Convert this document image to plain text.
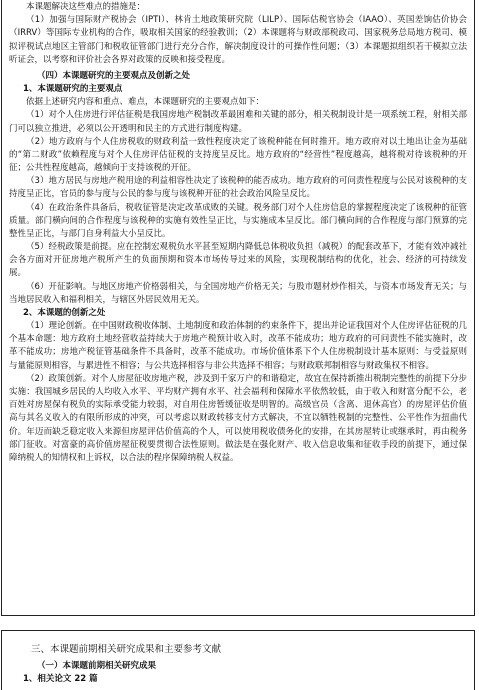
本课题解决这些难点的措施是：

（1）加强与国际财产税协会（IPTI）、林肯土地政策研究院（LILP）、国际估税官协会（IAAO）、英国差饷估价协会（IRRV）等国际专业机构的合作，吸取相关国家的经验教训；（2）本课题将与财政部税政司、国家税务总局地方税司、模拟评税试点地区主管部门和税收征管部门进行充分合作，解决制度设计的可操作性问题；（3）本课题拟组织若干模拟立法听证会，以考察和评价社会各界对政策的反映和接受程度。

（四）本课题研究的主要观点及创新之处

1、本课题研究的主要观点

依据上述研究内容和重点、难点，本课题研究的主要观点如下：

（1）对个人住房进行评估征税是我国房地产税制改革最困难和关键的部分，相关税制设计是一项系统工程，射相关部门可以独立推进，必须以公开透明和民主的方式进行制度构建。

（2）地方政府与个人住房税收的财政利益一致性程度决定了该税种能在何时推开。地方政府对以土地出让金为基础的“第二财政”依赖程度与对个人住房评估征税的支持度呈反比。地方政府的“经营性”程度越高，越将税对待该税种的开征；公共性程度越高，越倾向于支持该税的开征。

（3）地方居民与房地产税用途的利益相容性决定了该税种的能否成功。地方政府的可问责性程度与公民对该税种的支持度呈正比，官员的参与度与公民的参与度与该税种开征的社会政治风险呈反比。

（4）在政治条件具备后，税收征管是决定改革成败的关键。税务部门对个人住房信息的掌握程度决定了该税种的征管质量。部门横向间的合作程度与该税种的实施有效性呈正比，与实施成本呈反比。部门横向间的合作程度与部门预算的完整性呈正比，与部门自身利益大小呈反比。

（5）经税政策是前提。应在控制宏观税负水平甚至短期内降低总体税收负担（减税）的配套改革下，才能有效冲减社会各方面对开征房地产税所产生的负面预期和资本市场传导过来的风险，实现税制结构的优化，社会、经济的可持续发展。

（6）开征影响。与地区房地产价格弱相关，与全国房地产价格无关；与股市题材炒作相关，与资本市场发育无关；与当地居民收入和福利相关，与辖区外居民效用无关。

2、本课题的创新之处

（1）理论创新。在中国财政税收体制、土地制度和政治体制的约束条件下，提出并论证我国对个人住房评估征税的几个基本命题：地方政府土地经营收益持续大于房地产税预计收入时，改革不能成功；地方政府的可问责性不能实施时，改革不能成功；房地产税征管基础条件不具备时，改革不能成功。市场价值体系下个人住房税制设计基本原则：与受益原则与量能原则相容，与累进性不相容；与公共选择相容与非公共选择不相容；与财政联邦制相容与财政集权不相容。

（2）政策创新。对个人房屋征收房地产税，涉及到千家万户的和谐稳定，故宜在保持新推出税制完整性的前提下分步实施：我国城乡居民的人均收入水平、平均财产拥有水平、社会福利和保障水平依然较低，由于收入和财富分配不公，老百姓对房屋保有税负的实际承受能力较弱，对自用住房暂缓征收是明智的。高级官员（含离、退休高官）的房屋评估价值高与其名义收入的有限所形成的冲突，可以考虑以财政转移支付方式解决，不宜以牺牲税制的完整性、公平性作为扭曲代价。年迈而缺乏稳定收入来源但房屋评估价值高的个人，可以使用税收债务化的安排，在其房屋转让或继承时，再由税务部门征收。对富豪的高价值房屋征税要贯彻合法性原则。做法是在强化财产、收入信息收集和征收手段的前提下，通过保障纳税人的知情权和上诉权，以合法的程序保障纳税人权益。

三、本课题前期相关研究成果和主要参考文献

（一）本课题前期相关研究成果

1、相关论文 22 篇
